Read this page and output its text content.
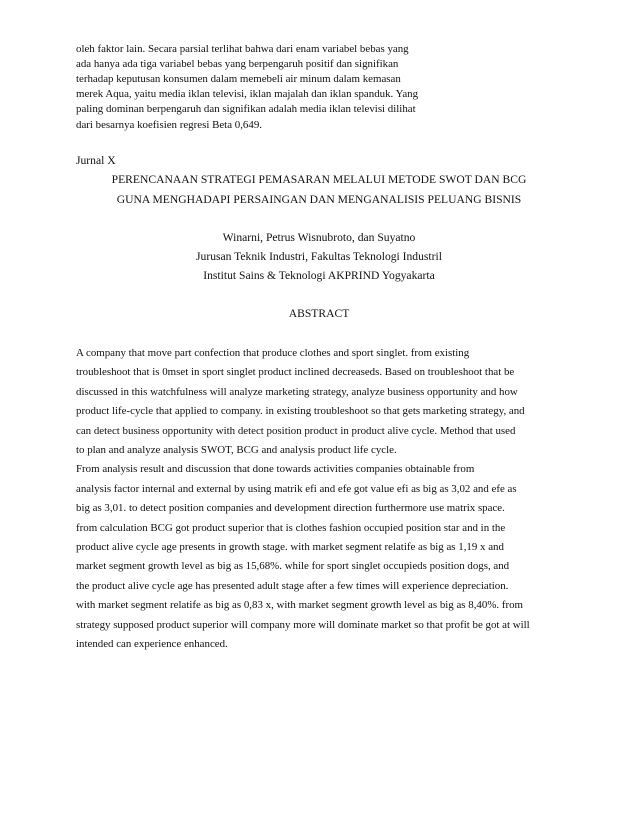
oleh faktor lain. Secara parsial terlihat bahwa dari enam variabel bebas yang
ada hanya ada tiga variabel bebas yang berpengaruh positif dan signifikan
terhadap keputusan konsumen dalam memebeli air minum dalam kemasan
merek Aqua, yaitu media iklan televisi, iklan majalah dan iklan spanduk. Yang
paling dominan berpengaruh dan signifikan adalah media iklan televisi dilihat
dari besarnya koefisien regresi Beta 0,649.
Jurnal X
PERENCANAAN STRATEGI PEMASARAN MELALUI METODE SWOT DAN BCG
GUNA MENGHADAPI PERSAINGAN DAN MENGANALISIS PELUANG BISNIS
Winarni, Petrus Wisnubroto, dan Suyatno
Jurusan Teknik Industri, Fakultas Teknologi Industril
Institut Sains & Teknologi AKPRIND Yogyakarta
ABSTRACT
A company that move part confection that produce clothes and sport singlet. from existing
troubleshoot that is 0mset in sport singlet product inclined decreaseds. Based on troubleshoot that be
discussed in this watchfulness will analyze marketing strategy, analyze business opportunity and how
product life-cycle that applied to company. in existing troubleshoot so that gets marketing strategy, and
can detect business opportunity with detect position product in product alive cycle. Method that used
to plan and analyze analysis SWOT, BCG and analysis product life cycle.
From analysis result and discussion that done towards activities companies obtainable from
analysis factor internal and external by using matrik efi and efe got value efi as big as 3,02 and efe as
big as 3,01. to detect position companies and development direction furthermore use matrix space.
from calculation BCG got product superior that is clothes fashion occupied position star and in the
product alive cycle age presents in growth stage. with market segment relatife as big as 1,19 x and
market segment growth level as big as 15,68%. while for sport singlet occupieds position dogs, and
the product alive cycle age has presented adult stage after a few times will experience depreciation.
with market segment relatife as big as 0,83 x, with market segment growth level as big as 8,40%. from
strategy supposed product superior will company more will dominate market so that profit be got at will
intended can experience enhanced.
